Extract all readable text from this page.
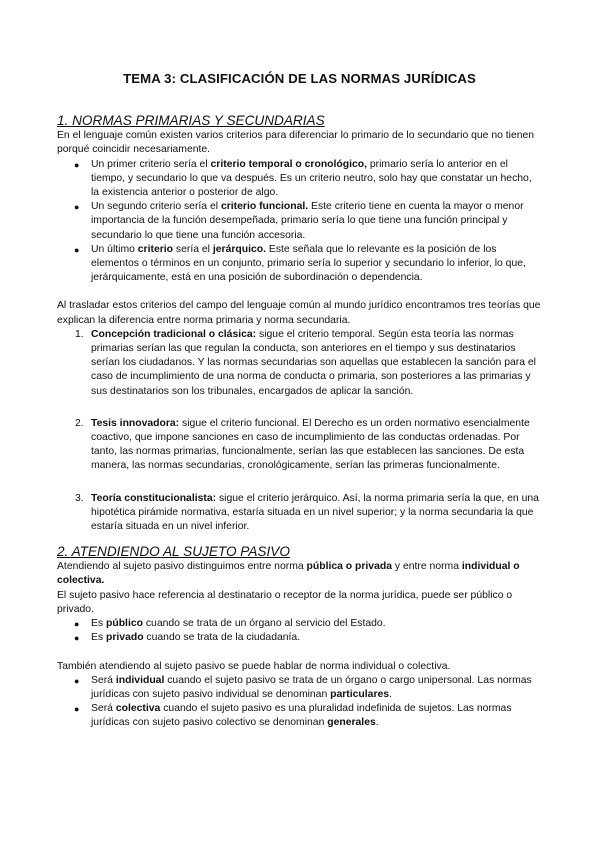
TEMA 3: CLASIFICACIÓN DE LAS NORMAS JURÍDICAS
1. NORMAS PRIMARIAS Y SECUNDARIAS

En el lenguaje común existen varios criterios para diferenciar lo primario de lo secundario que no tienen porqué coincidir necesariamente.

● Un primer criterio sería el criterio temporal o cronológico, primario sería lo anterior en el tiempo, y secundario lo que va después. Es un criterio neutro, solo hay que constatar un hecho, la existencia anterior o posterior de algo.
● Un segundo criterio sería el criterio funcional. Este criterio tiene en cuenta la mayor o menor importancia de la función desempeñada, primario sería lo que tiene una función principal y secundario lo que tiene una función accesoria.
● Un último criterio sería el jerárquico. Este señala que lo relevante es la posición de los elementos o términos en un conjunto, primario sería lo superior y secundario lo inferior, lo que, jerárquicamente, está en una posición de subordinación o dependencia.

Al trasladar estos criterios del campo del lenguaje común al mundo jurídico encontramos tres teorías que explican la diferencia entre norma primaria y norma secundaria.

1. Concepción tradicional o clásica: sigue el criterio temporal. Según esta teoría las normas primarias serían las que regulan la conducta, son anteriores en el tiempo y sus destinatarios serían los ciudadanos. Y las normas secundarias son aquellas que establecen la sanción para el caso de incumplimiento de una norma de conducta o primaria, son posteriores a las primarias y sus destinatarios son los tribunales, encargados de aplicar la sanción.
2. Tesis innovadora: sigue el criterio funcional. El Derecho es un orden normativo esencialmente coactivo, que impone sanciones en caso de incumplimiento de las conductas ordenadas. Por tanto, las normas primarias, funcionalmente, serían las que establecen las sanciones. De esta manera, las normas secundarias, cronológicamente, serían las primeras funcionalmente.
3. Teoría constitucionalista: sigue el criterio jerárquico. Así, la norma primaria sería la que, en una hipotética pirámide normativa, estaría situada en un nivel superior; y la norma secundaria la que estaría situada en un nivel inferior.
2. ATENDIENDO AL SUJETO PASIVO

Atendiendo al sujeto pasivo distinguimos entre norma pública o privada y entre norma individual o colectiva.

El sujeto pasivo hace referencia al destinatario o receptor de la norma jurídica, puede ser público o privado.

● Es público cuando se trata de un órgano al servicio del Estado.
● Es privado cuando se trata de la ciudadanía.

También atendiendo al sujeto pasivo se puede hablar de norma individual o colectiva.

● Será individual cuando el sujeto pasivo se trata de un órgano o cargo unipersonal. Las normas jurídicas con sujeto pasivo individual se denominan particulares.
● Será colectiva cuando el sujeto pasivo es una pluralidad indefinida de sujetos. Las normas jurídicas con sujeto pasivo colectivo se denominan generales.
